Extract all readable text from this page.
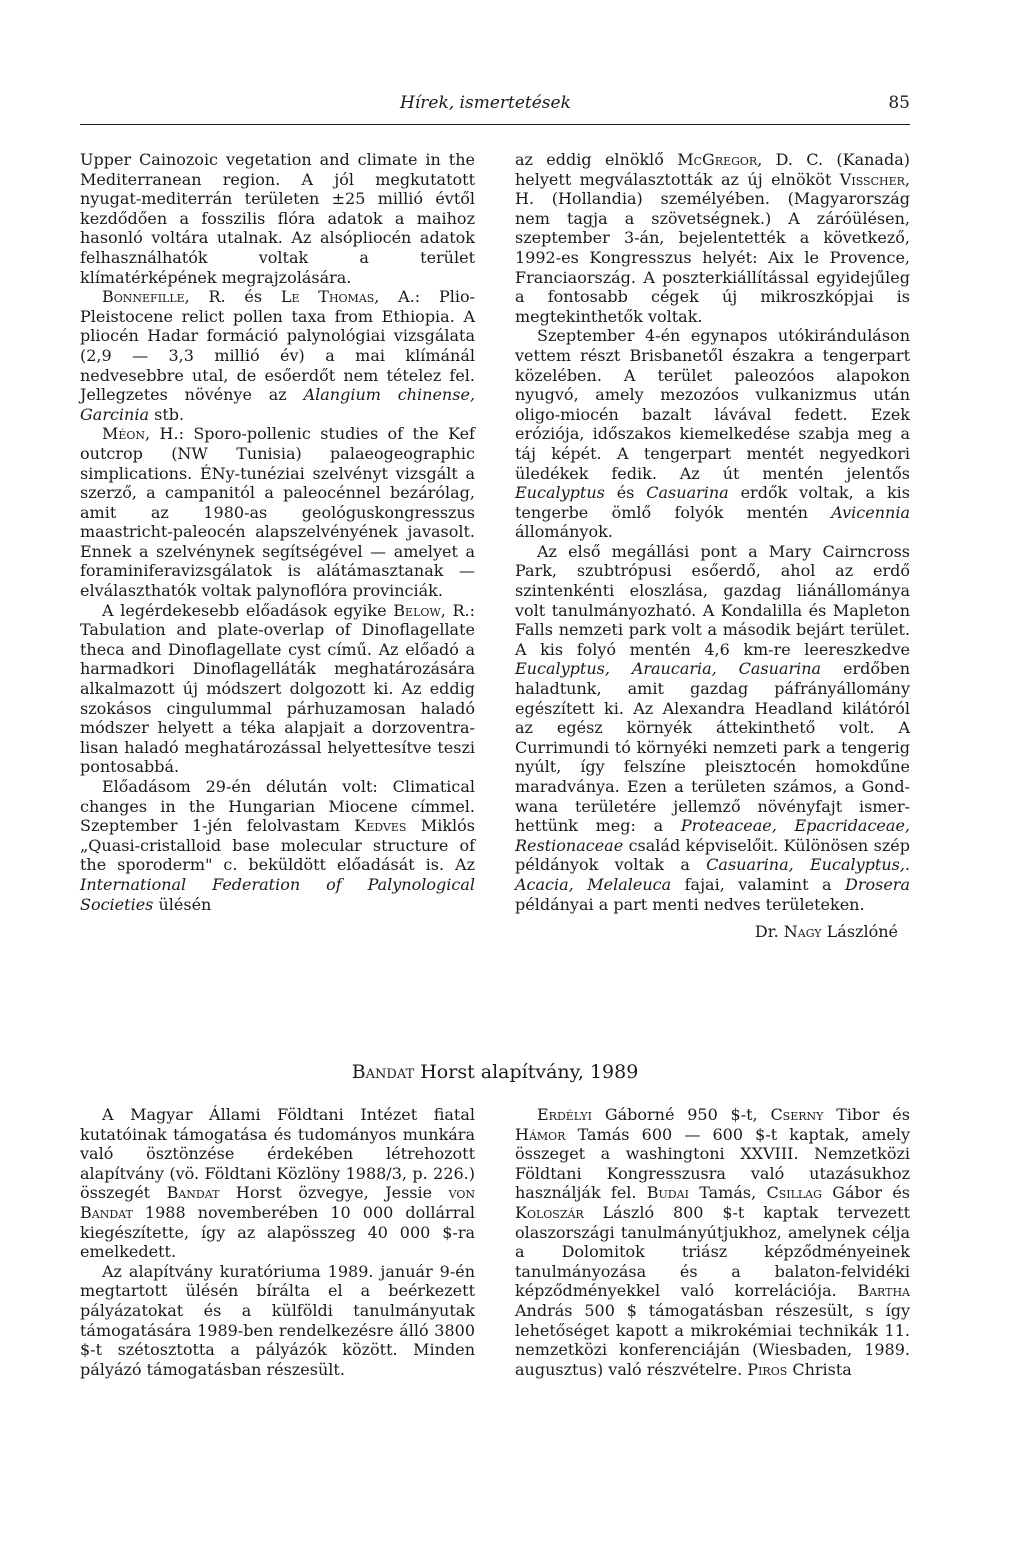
Hírek, ismertetések	85

Upper Cainozoic vegetation and climate in the Mediterranean region. A jól megkutatott nyugat-mediterrán területen ±25 millió évtől kezdődően a fosszilis flóra adatok a maihoz hasonló voltára utalnak. Az alsópliocén adatok felhasználhatók voltak a terület klímatérképének megrajzolására.

Bonnefille, R. és Le Thomas, A.: Plio-Pleistocene relict pollen taxa from Ethiopia. A pliocén Hadar formáció palynológiai vizsgálata (2,9 — 3,3 millió év) a mai klímánál nedvesebbre utal, de esőerdőt nem tételez fel. Jellegzetes növénye az Alangium chinense, Garcinia stb.

Méon, H.: Sporo-pollenic studies of the Kef outcrop (NW Tunisia) palaeogeographic simplications. ÉNy-tunéziai szelvényt vizsgált a szerző, a campanitól a paleocénnel bezárólag, amit az 1980-as geológuskongresszus maastricht-paleocén alapszelvényének javasolt. Ennek a szelvénynek segítségével — amelyet a foraminiferavizsgálatok is alátámasztanak — elválaszthatók voltak palynoflóra provinciák.

A legérdekesebb előadások egyike Below, R.: Tabulation and plate-overlap of Dinoflagellate theca and Dinoflagellate cyst című. Az előadó a harmadkori Dinoflagelláták meghatározására alkalmazott új módszert dolgozott ki. Az eddig szokásos cingulummal párhuzamosan haladó módszer helyett a téka alapjait a dorzoventralisan haladó meghatározással helyettesítve teszi pontosabbá.

Előadásom 29-én délután volt: Climatical changes in the Hungarian Miocene címmel. Szeptember 1-jén felolvastam Kedves Miklós „Quasi-cristalloid base molecular structure of the sporoderm" c. beküldött előadását is. Az International Federation of Palynological Societies ülésén

az eddig elnöklő McGregor, D. C. (Kanada) helyett megválasztották az új elnököt Visscher, H. (Hollandia) személyében. (Magyarország nem tagja a szövetségnek.) A záróülésen, szeptember 3-án, bejelentették a következő, 1992-es Kongresszus helyét: Aix le Provence, Franciaország. A poszterkiállítással egyidejűleg a fontosabb cégek új mikroszkópjai is megtekinthetők voltak.

Szeptember 4-én egynapos utókiránduláson vettem részt Brisbanetől északra a tengerpart közelében. A terület paleozóos alapokon nyugvó, amely mezozóos vulkanizmus után oligo-miocén bazalt lávával fedett. Ezek eróziója, időszakos kiemelkedése szabja meg a táj képét. A tengerpart mentét negyedkori üledékek fedik. Az út mentén jelentős Eucalyptus és Casuarina erdők voltak, a kis tengerbe ömlő folyók mentén Avicennia állományok.

Az első megállási pont a Mary Cairncross Park, szubtrópusi esőerdő, ahol az erdő szintenkénti eloszlása, gazdag liánállománya volt tanulmányozható. A Kondalilla és Mapleton Falls nemzeti park volt a második bejárt terület. A kis folyó mentén 4,6 km-re leereszkedve Eucalyptus, Araucaria, Casuarina erdőben haladtunk, amit gazdag páfrányállomány egészített ki. Az Alexandra Headland kilátóról az egész környék áttekinthető volt. A Currimundi tó környéki nemzeti park a tengerig nyúlt, így felszíne pleisztocén homokdűne maradványa. Ezen a területen számos, a Gondwana területére jellemző növényfajt ismerhettünk meg: a Proteaceae, Epacridaceae, Restionaceae család képviselőit. Különösen szép példányok voltak a Casuarina, Eucalyptus,. Acacia, Melaleuca fajai, valamint a Drosera példányai a part menti nedves területeken.

Dr. Nagy Lászlóné

Bandat Horst alapítvány, 1989

A Magyar Állami Földtani Intézet fiatal kutatóinak támogatása és tudományos munkára való ösztönzése érdekében létrehozott alapítvány (vö. Földtani Közlöny 1988/3, p. 226.) összegét Bandat Horst özvegye, Jessie von Bandat 1988 novemberében 10 000 dollárral kiegészítette, így az alapösszeg 40 000 $-ra emelkedett.

Az alapítvány kuratóriuma 1989. január 9-én megtartott ülésén bírálta el a beérkezett pályázatokat és a külföldi tanulmányutak támogatására 1989-ben rendelkezésre álló 3800 $-t szétosztotta a pályázók között. Minden pályázó támogatásban részesült.

Erdélyi Gáborné 950 $-t, Cserny Tibor és Hámor Tamás 600 — 600 $-t kaptak, amely összeget a washingtoni XXVIII. Nemzetközi Földtani Kongresszusra való utazásukhoz használják fel. Budai Tamás, Csillag Gábor és Koloszár László 800 $-t kaptak tervezett olaszországi tanulmányútjukhoz, amelynek célja a Dolomitok triász képződményeinek tanulmányozása és a balaton-felvidéki képződményekkel való korrelációja. Bartha András 500 $ támogatásban részesült, s így lehetőséget kapott a mikrokémiai technikák 11. nemzetközi konferenciáján (Wiesbaden, 1989. augusztus) való részvételre. Piros Christa
